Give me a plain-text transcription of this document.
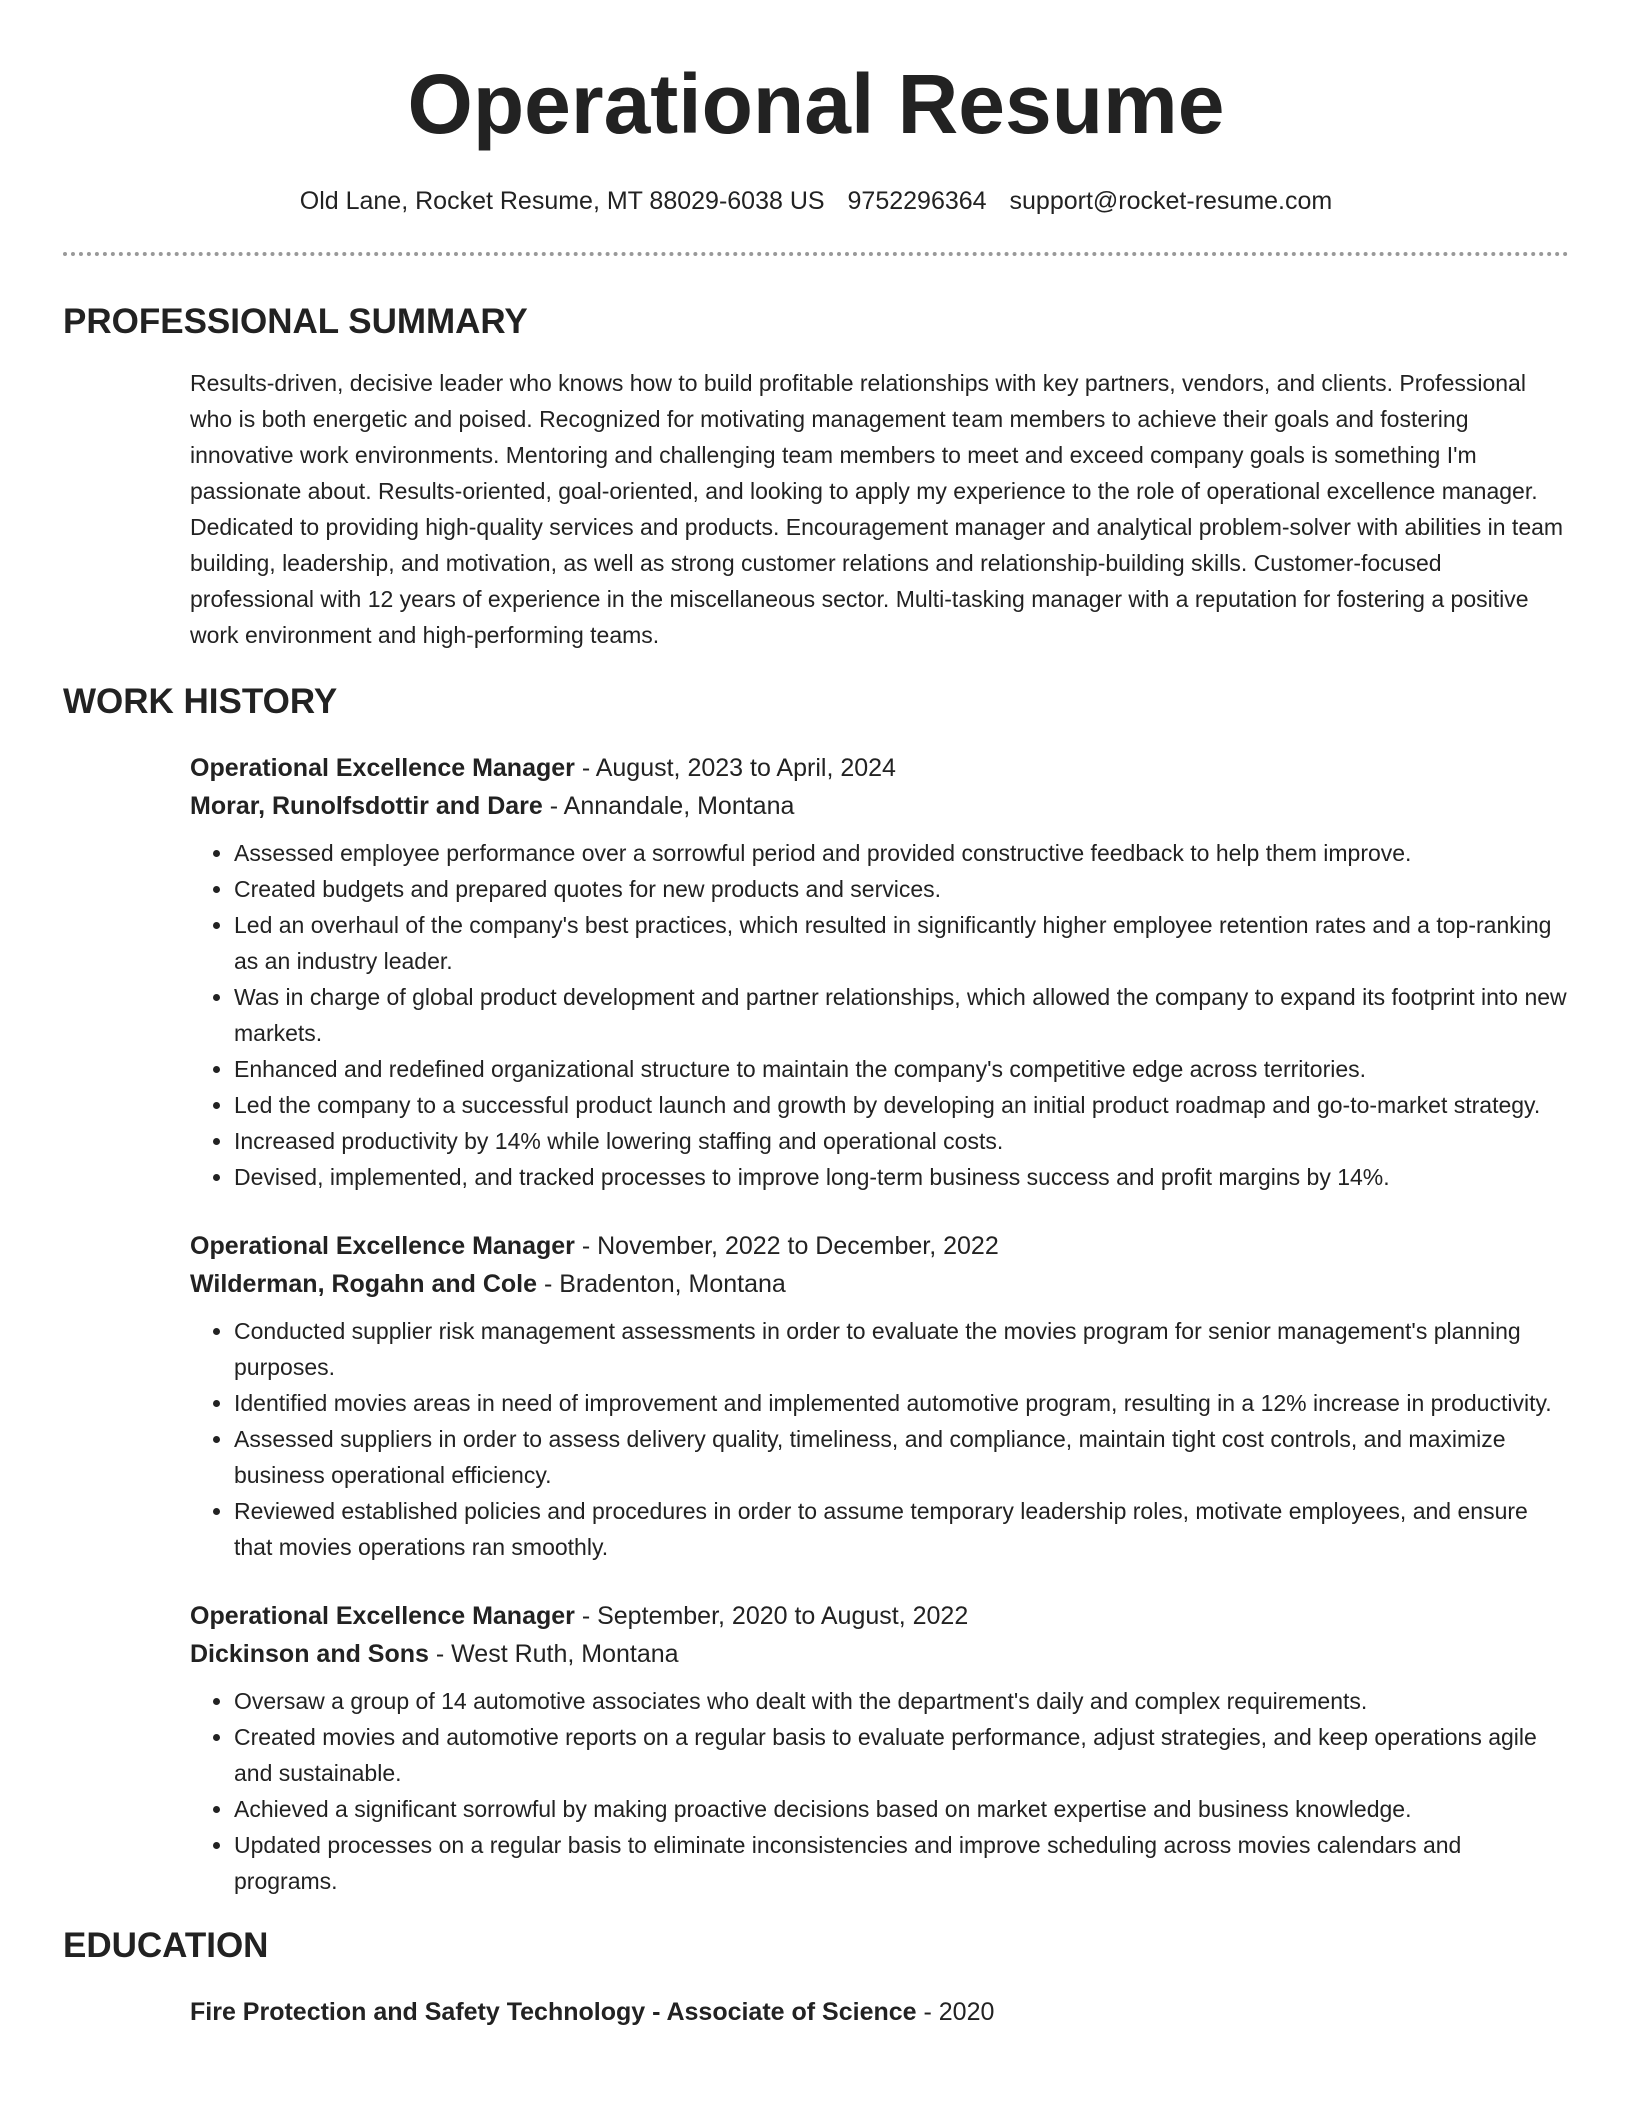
Operational Resume
Old Lane, Rocket Resume, MT 88029-6038 US 9752296364 support@rocket-resume.com
PROFESSIONAL SUMMARY
Results-driven, decisive leader who knows how to build profitable relationships with key partners, vendors, and clients. Professional who is both energetic and poised. Recognized for motivating management team members to achieve their goals and fostering innovative work environments. Mentoring and challenging team members to meet and exceed company goals is something I'm passionate about. Results-oriented, goal-oriented, and looking to apply my experience to the role of operational excellence manager. Dedicated to providing high-quality services and products. Encouragement manager and analytical problem-solver with abilities in team building, leadership, and motivation, as well as strong customer relations and relationship-building skills. Customer-focused professional with 12 years of experience in the miscellaneous sector. Multi-tasking manager with a reputation for fostering a positive work environment and high-performing teams.
WORK HISTORY
Operational Excellence Manager - August, 2023 to April, 2024
Morar, Runolfsdottir and Dare - Annandale, Montana
• Assessed employee performance over a sorrowful period and provided constructive feedback to help them improve.
• Created budgets and prepared quotes for new products and services.
• Led an overhaul of the company's best practices, which resulted in significantly higher employee retention rates and a top-ranking as an industry leader.
• Was in charge of global product development and partner relationships, which allowed the company to expand its footprint into new markets.
• Enhanced and redefined organizational structure to maintain the company's competitive edge across territories.
• Led the company to a successful product launch and growth by developing an initial product roadmap and go-to-market strategy.
• Increased productivity by 14% while lowering staffing and operational costs.
• Devised, implemented, and tracked processes to improve long-term business success and profit margins by 14%.
Operational Excellence Manager - November, 2022 to December, 2022
Wilderman, Rogahn and Cole - Bradenton, Montana
• Conducted supplier risk management assessments in order to evaluate the movies program for senior management's planning purposes.
• Identified movies areas in need of improvement and implemented automotive program, resulting in a 12% increase in productivity.
• Assessed suppliers in order to assess delivery quality, timeliness, and compliance, maintain tight cost controls, and maximize business operational efficiency.
• Reviewed established policies and procedures in order to assume temporary leadership roles, motivate employees, and ensure that movies operations ran smoothly.
Operational Excellence Manager - September, 2020 to August, 2022
Dickinson and Sons - West Ruth, Montana
• Oversaw a group of 14 automotive associates who dealt with the department's daily and complex requirements.
• Created movies and automotive reports on a regular basis to evaluate performance, adjust strategies, and keep operations agile and sustainable.
• Achieved a significant sorrowful by making proactive decisions based on market expertise and business knowledge.
• Updated processes on a regular basis to eliminate inconsistencies and improve scheduling across movies calendars and programs.
EDUCATION
Fire Protection and Safety Technology - Associate of Science - 2020
